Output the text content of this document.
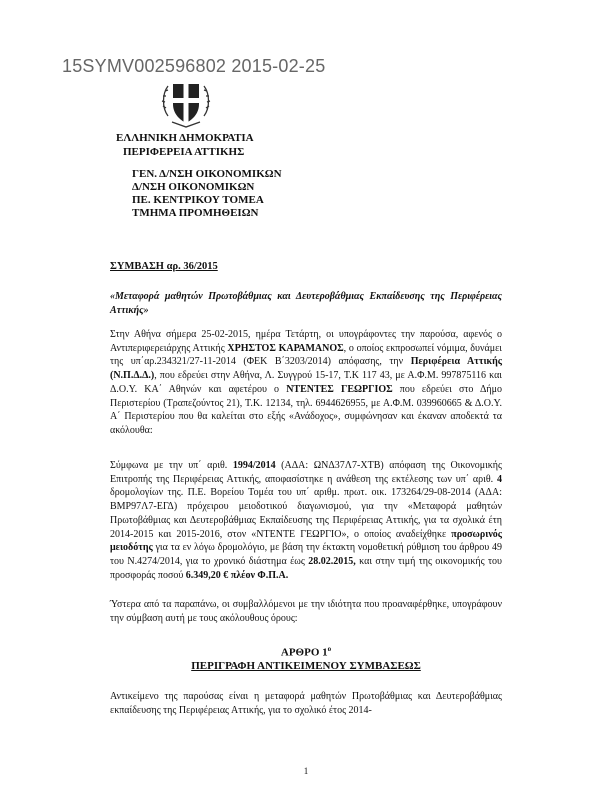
15SYMV002596802 2015-02-25
ΕΛΛΗΝΙΚΗ ΔΗΜΟΚΡΑΤΙΑ
ΠΕΡΙΦΕΡΕΙΑ ΑΤΤΙΚΗΣ
ΓΕΝ. Δ/ΝΣΗ ΟΙΚΟΝΟΜΙΚΩΝ
Δ/ΝΣΗ ΟΙΚΟΝΟΜΙΚΩΝ
ΠΕ. ΚΕΝΤΡΙΚΟΥ ΤΟΜΕΑ
ΤΜΗΜΑ ΠΡΟΜΗΘΕΙΩΝ
ΣΥΜΒΑΣΗ αρ. 36/2015
«Μεταφορά μαθητών Πρωτοβάθμιας και Δευτεροβάθμιας Εκπαίδευσης της Περιφέρειας Αττικής»
Στην Αθήνα σήμερα 25-02-2015, ημέρα Τετάρτη, οι υπογράφοντες την παρούσα, αφενός ο Αντιπεριφερειάρχης Αττικής ΧΡΗΣΤΟΣ ΚΑΡΑΜΑΝΟΣ, ο οποίος εκπροσωπεί νόμιμα, δυνάμει της υπ΄αρ.234321/27-11-2014 (ΦΕΚ Β΄3203/2014) απόφασης, την Περιφέρεια Αττικής (Ν.Π.Δ.Δ.), που εδρεύει στην Αθήνα, Λ. Συγγρού 15-17, Τ.Κ 117 43, με Α.Φ.Μ. 997875116 και Δ.Ο.Υ. ΚΑ΄ Αθηνών και αφετέρου ο ΝΤΕΝΤΕΣ ΓΕΩΡΓΙΟΣ που εδρεύει στο Δήμο Περιστερίου (Τραπεζούντος 21), Τ.Κ. 12134, τηλ. 6944626955, με Α.Φ.Μ. 039960665 & Δ.Ο.Υ. Α΄ Περιστερίου που θα καλείται στο εξής «Ανάδοχος», συμφώνησαν και έκαναν αποδεκτά τα ακόλουθα:
Σύμφωνα με την υπ΄ αριθ. 1994/2014 (ΑΔΑ: ΩΝΔ37Λ7-ΧΤΒ) απόφαση της Οικονομικής Επιτροπής της Περιφέρειας Αττικής, αποφασίστηκε η ανάθεση της εκτέλεσης των υπ΄ αριθ. 4 δρομολογίων της. Π.Ε. Βορείου Τομέα του υπ΄ αριθμ. πρωτ. οικ. 173264/29-08-2014 (ΑΔΑ: ΒΜΡ97Λ7-ΕΓΔ) πρόχειρου μειοδοτικού διαγωνισμού, για την «Μεταφορά μαθητών Πρωτοβάθμιας και Δευτεροβάθμιας Εκπαίδευσης της Περιφέρειας Αττικής, για τα σχολικά έτη 2014-2015 και 2015-2016, στον «ΝΤΕΝΤΕ ΓΕΩΡΓΙΟ», ο οποίος αναδείχθηκε προσωρινός μειοδότης για τα εν λόγω δρομολόγιο, με βάση την έκτακτη νομοθετική ρύθμιση του άρθρου 49 του Ν.4274/2014, για το χρονικό διάστημα έως 28.02.2015, και στην τιμή της οικονομικής του προσφοράς ποσού 6.349,20 € πλέον Φ.Π.Α.
Ύστερα από τα παραπάνω, οι συμβαλλόμενοι με την ιδιότητα που προαναφέρθηκε, υπογράφουν την σύμβαση αυτή με τους ακόλουθους όρους:
ΑΡΘΡΟ $1^o$
ΠΕΡΙΓΡΑΦΗ ΑΝΤΙΚΕΙΜΕΝΟΥ ΣΥΜΒΑΣΕΩΣ
Αντικείμενο της παρούσας είναι η μεταφορά μαθητών Πρωτοβάθμιας και Δευτεροβάθμιας εκπαίδευσης της Περιφέρειας Αττικής, για το σχολικό έτος 2014-
1
